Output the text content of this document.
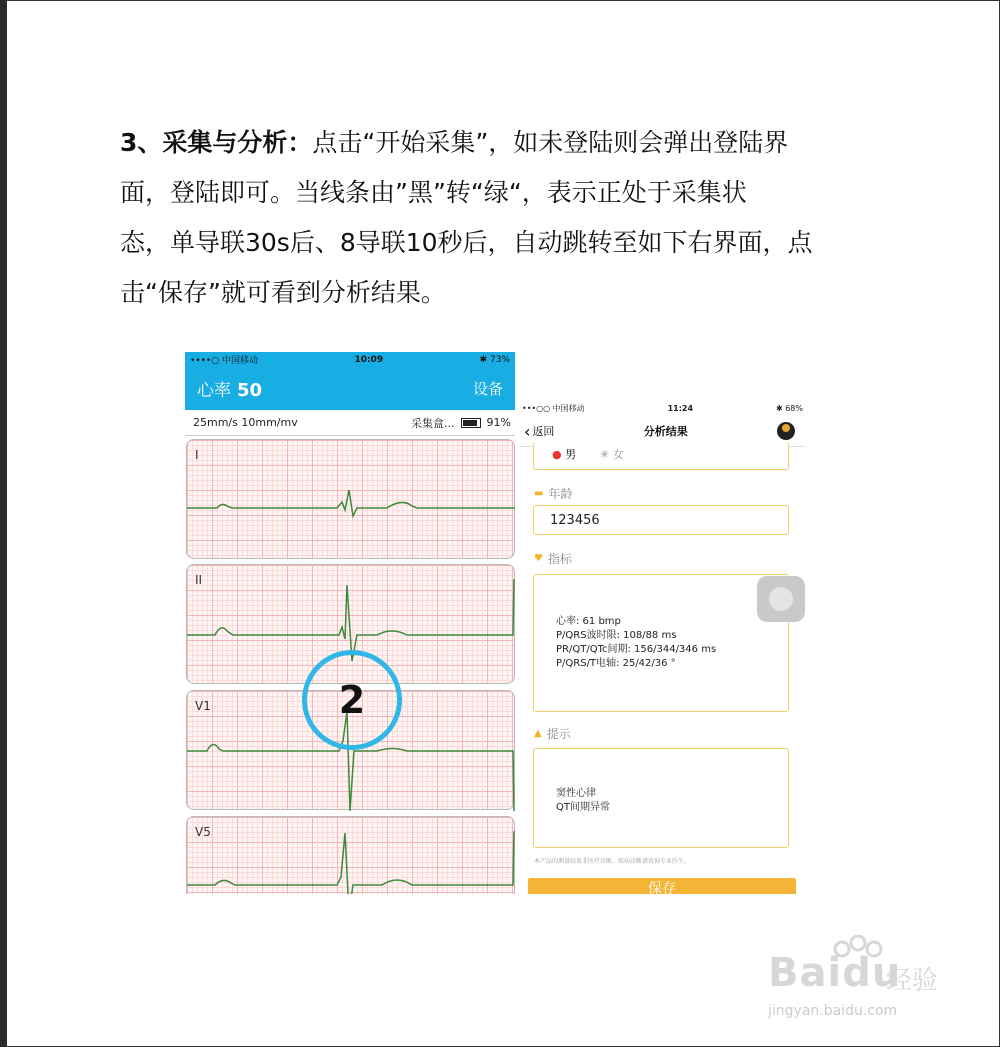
3、采集与分析：点击“开始采集”，如未登陆则会弹出登陆界
面，登陆即可。当线条由”黑”转“绿“，表示正处于采集状
态，单导联30s后、8导联10秒后，自动跳转至如下右界面，点
击“保存”就可看到分析结果。
••••○ 中国移动	10:09	✱ 73%
心率 50	设备
25mm/s 10mm/mv	采集盒...	91%
I
II
V1
V5
2
•••○○ 中国移动	11:24	✱ 68%
‹ 返回	分析结果
● 男 ✳ 女
▬ 年龄
123456
♥ 指标
心率: 61 bmp
P/QRS波时限: 108/88 ms
PR/QT/QTc间期: 156/344/346 ms
P/QRS/T电轴: 25/42/36 °
▲ 提示
窦性心律
QT间期异常
本产品的测量结果非医疗诊断，疾病诊断请咨询专业医生。
保存
Baidu
经验
jingyan.baidu.com
